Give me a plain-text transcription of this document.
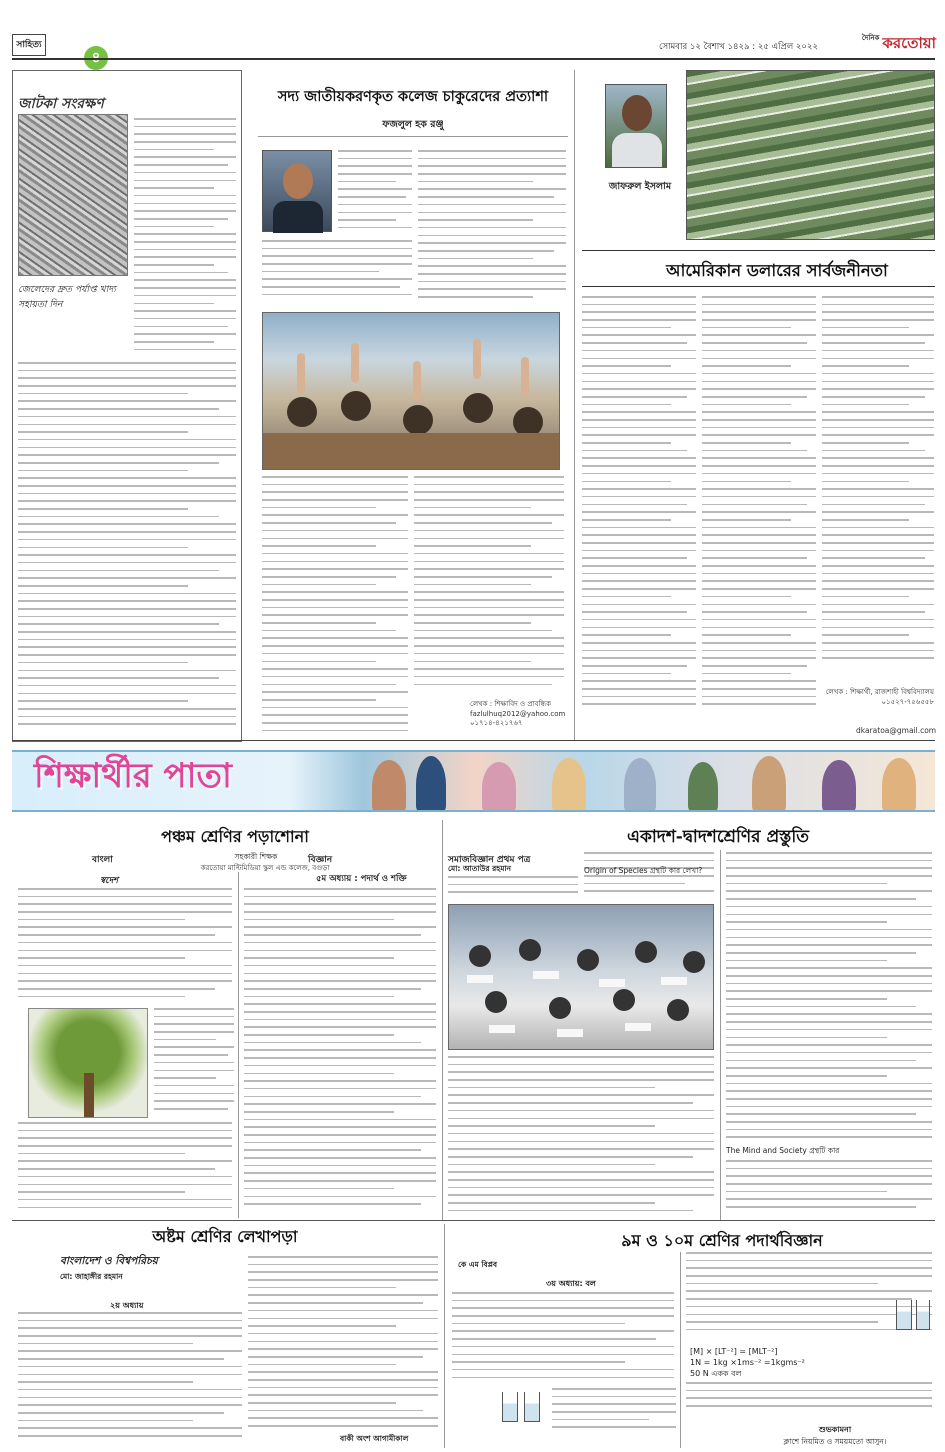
সাহিত্য	সোমবার ১২ বৈশাখ ১৪২৯ : ২৫ এপ্রিল ২০২২
$^{দৈনিক}$ করতোয়া
জাটকা সংরক্ষণ
জেলেদের দ্রুত পর্যাপ্ত খাদ্য সহায়তা দিন
সদ্য জাতীয়করণকৃত কলেজ চাকুরেদের প্রত্যাশা
ফজলুল হক রঞ্জু
লেখক : শিক্ষাবিদ ও প্রাবন্ধিক
fazlulhuq2012@yahoo.com
০১৭১৪-৪২১৭৬৭
জাফরুল ইসলাম
আমেরিকান ডলারের সার্বজনীনতা
লেখক : শিক্ষার্থী, রাজশাহী বিশ্ববিদ্যালয়
০১৫২৭-৭৫৬৫৫৮
dkaratoa@gmail.com
শিক্ষার্থীর পাতা
পঞ্চম শ্রেণির পড়াশোনা
বাংলা	বিজ্ঞান
সহকারী শিক্ষক
করতোয়া মাল্টিমিডিয়া স্কুল এন্ড কলেজ, বগুড়া
স্বদেশ	৫ম অধ্যায় : পদার্থ ও শক্তি
একাদশ-দ্বাদশশ্রেণির প্রস্তুতি
সমাজবিজ্ঞান প্রথম পত্র
মো: আতাউর রহমান	Origin of Species গ্রন্থটি কার লেখা?
The Mind and Society গ্রন্থটি কার
অষ্টম শ্রেণির লেখাপড়া
বাংলাদেশ ও বিশ্বপরিচয়
মো: জাহাঙ্গীর রহমান
২য় অধ্যায়
বাকী অংশ আগামীকাল
৯ম ও ১০ম শ্রেণির পদার্থবিজ্ঞান
কে এম বিপ্লব
৩য় অধ্যায়: বল
[M] × [LT⁻²] = [MLT⁻²]
1N = 1kg ×1ms⁻² =1kgms⁻²
50 N একক বল
শুভকামনা
ক্লাশে নিয়মিত ও সময়মতো আসুন।
